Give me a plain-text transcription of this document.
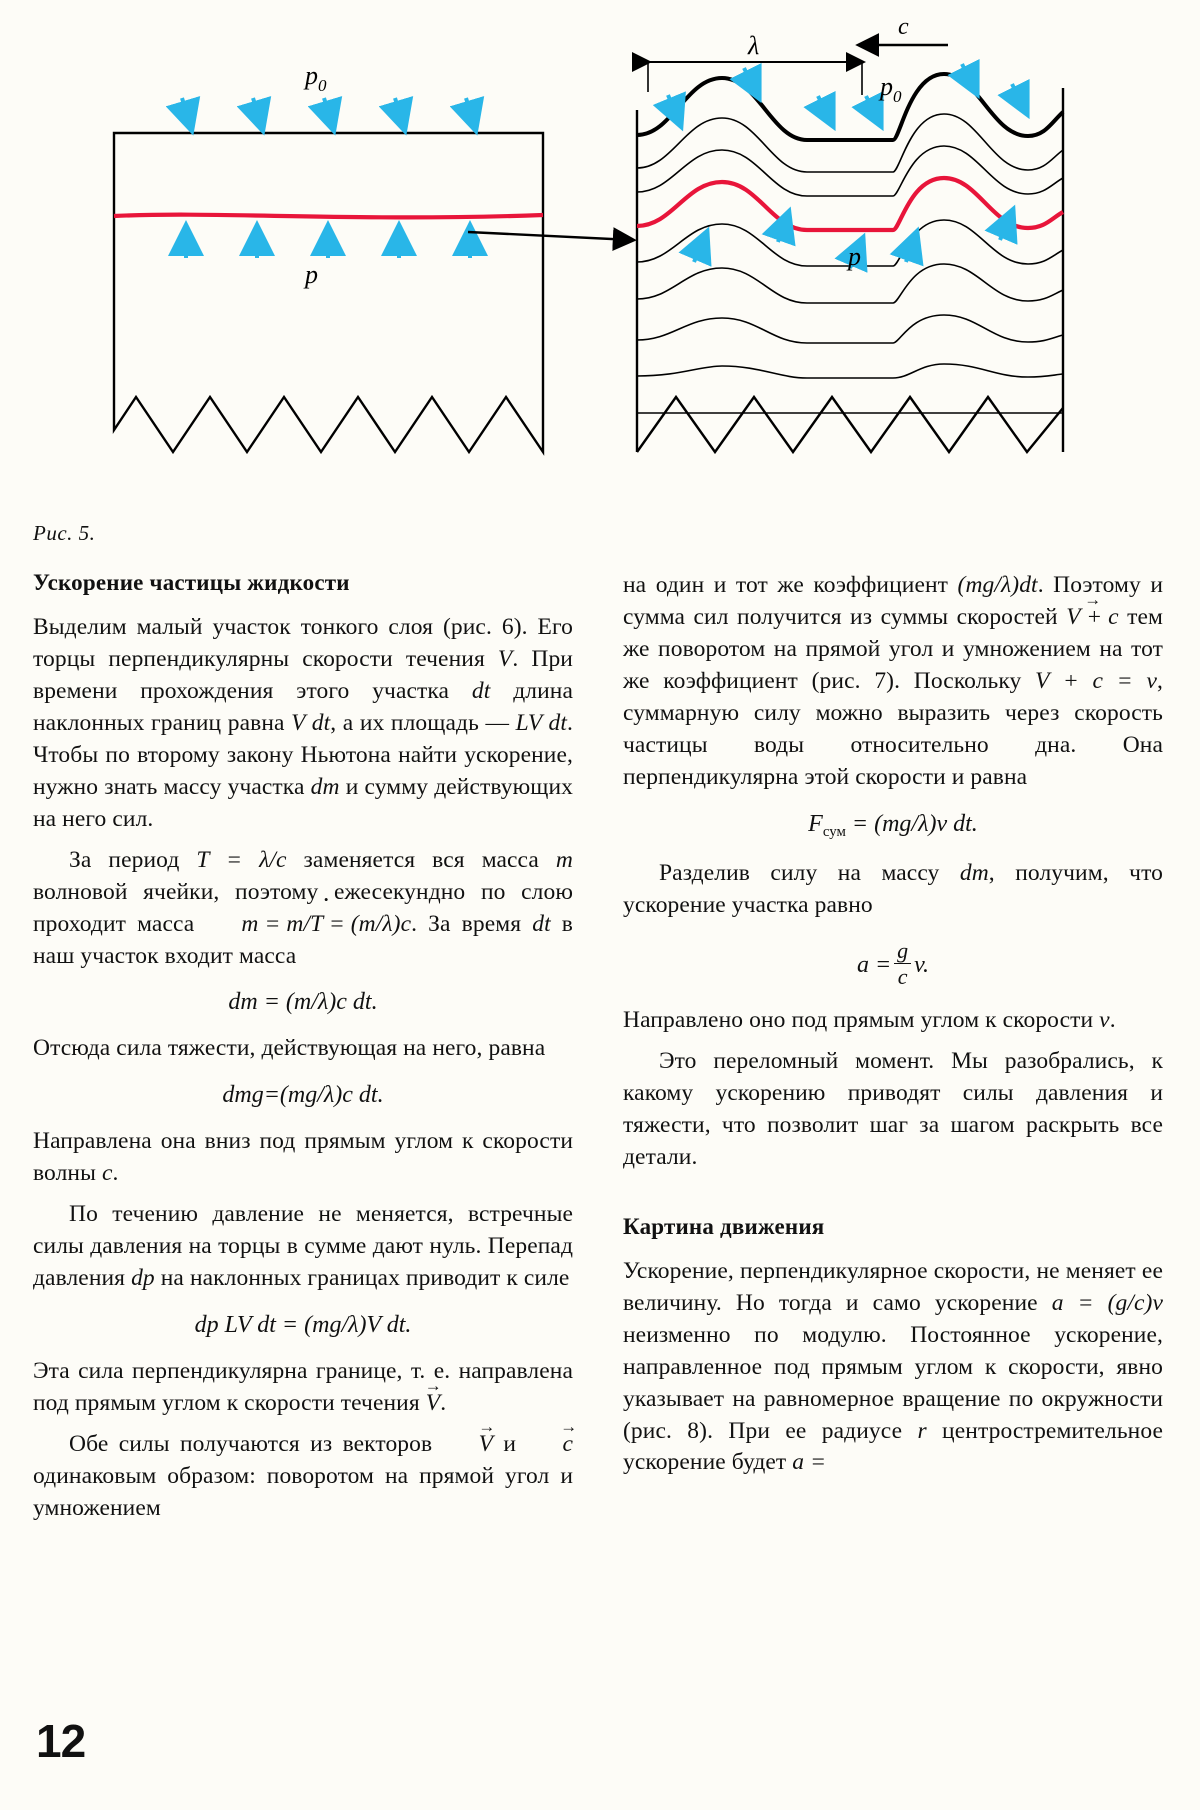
$p_0$
p
λ
c
$p_0$
p
Рис. 5.
Ускорение частицы жидкости

Выделим малый участок тонкого слоя (рис. 6). Его торцы перпендикулярны скорости течения V. При времени прохождения этого участка dt длина наклонных границ равна V dt, а их площадь — LV dt. Чтобы по второму закону Ньютона найти ускорение, нужно знать массу участка dm и сумму действующих на него сил.

За период T = λ/c заменяется вся масса m волновой ячейки, поэтому ежесекундно по слою проходит масса m = m/T = (m/λ)c ·. За время dt в наш участок входит масса

dm = (m/λ)c dt.

Отсюда сила тяжести, действующая на него, равна

dmg=(mg/λ)c dt.

Направлена она вниз под прямым углом к скорости волны c.

По течению давление не меняется, встречные силы давления на торцы в сумме дают нуль. Перепад давления dp на наклонных границах приводит к силе

dp LV dt = (mg/λ)V dt.

Эта сила перпендикулярна границе, т. е. направлена под прямым углом к скорости течения V →.

Обе силы получаются из векторов V → и c → одинаковым образом: поворотом на прямой угол и умножением

на один и тот же коэффициент (mg/λ)dt. Поэтому и сумма сил получится из суммы скоростей V + c → тем же поворотом на прямой угол и умножением на тот же коэффициент (рис. 7). Поскольку V + c = v, суммарную силу можно выразить через скорость частицы воды относительно дна. Она перпендикулярна этой скорости и равна

$F_{сум} = (mg/\lambda)v$ dt.

Разделив силу на массу dm, получим, что ускорение участка равно

$a = \frac{g}{c} v$.

Направлено оно под прямым углом к скорости v.

Это переломный момент. Мы разобрались, к какому ускорению приводят силы давления и тяжести, что позволит шаг за шагом раскрыть все детали.

Картина движения

Ускорение, перпендикулярное скорости, не меняет ее величину. Но тогда и само ускорение a = (g/c)v неизменно по модулю. Постоянное ускорение, направленное под прямым углом к скорости, явно указывает на равномерное вращение по окружности (рис. 8). При ее радиусе r центростремительное ускорение будет a =

12
